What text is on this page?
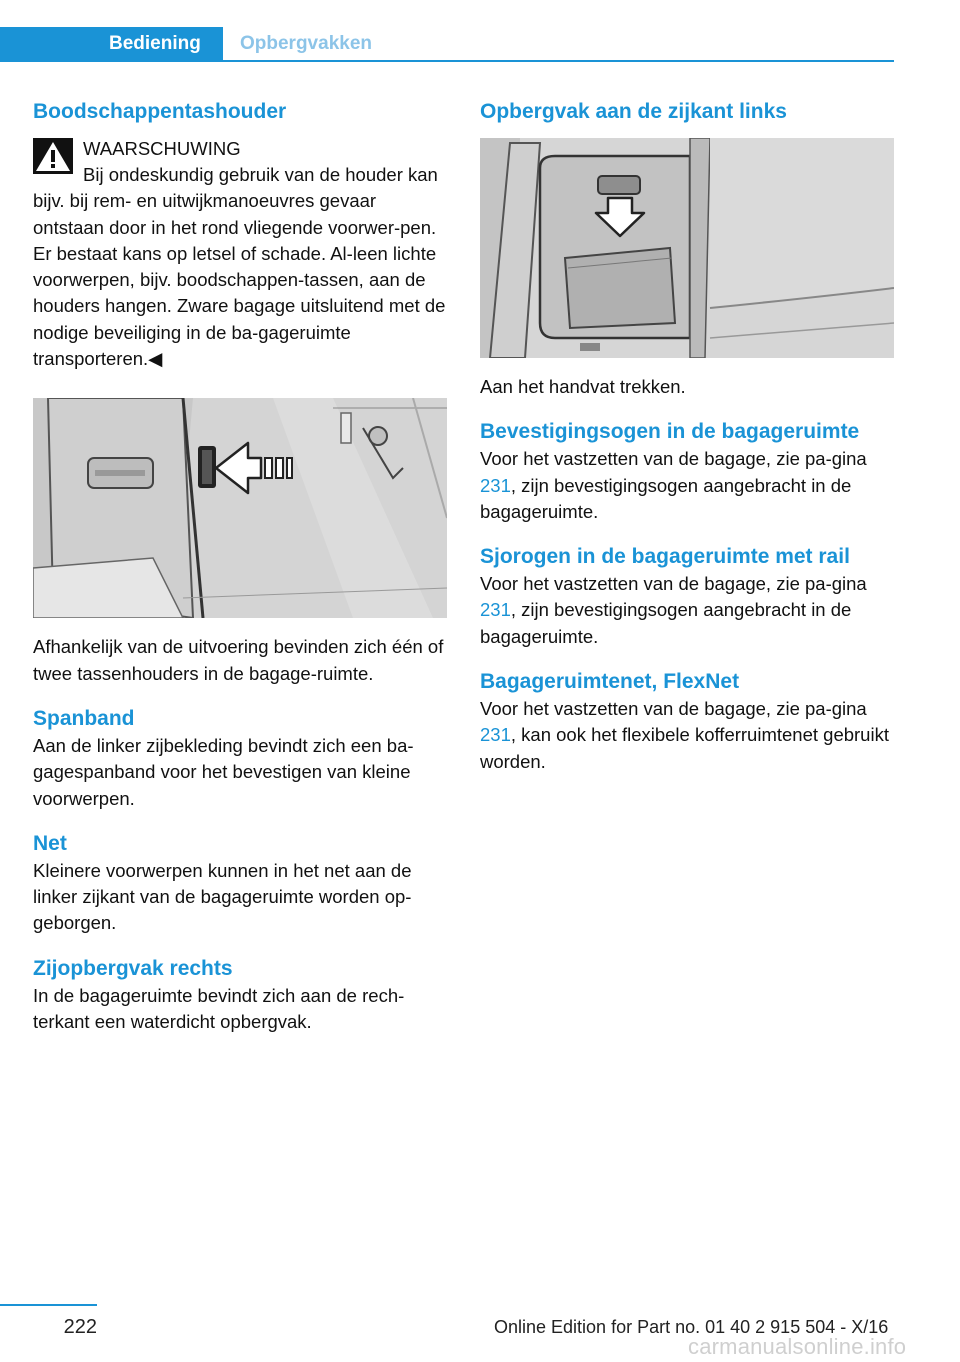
Bediening	Opbergvakken
Boodschappentashouder
WAARSCHUWING

Bij ondeskundig gebruik van de houder kan bijv. bij rem- en uitwijkmanoeuvres gevaar ontstaan door in het rond vliegende voorwer-pen. Er bestaat kans op letsel of schade. Al-leen lichte voorwerpen, bijv. boodschappen-tassen, aan de houders hangen. Zware bagage uitsluitend met de nodige beveiliging in de ba-gageruimte transporteren.◀

Afhankelijk van de uitvoering bevinden zich één of twee tassenhouders in de bagage-ruimte.

Spanband

Aan de linker zijbekleding bevindt zich een ba-gagespanband voor het bevestigen van kleine voorwerpen.

Net

Kleinere voorwerpen kunnen in het net aan de linker zijkant van de bagageruimte worden op-geborgen.

Zijopbergvak rechts

In de bagageruimte bevindt zich aan de rech-terkant een waterdicht opbergvak.

Opbergvak aan de zijkant links

Aan het handvat trekken.

Bevestigingsogen in de bagageruimte

Voor het vastzetten van de bagage, zie pa-gina 231, zijn bevestigingsogen aangebracht in de bagageruimte.

Sjorogen in de bagageruimte met rail

Voor het vastzetten van de bagage, zie pa-gina 231, zijn bevestigingsogen aangebracht in de bagageruimte.

Bagageruimtenet, FlexNet

Voor het vastzetten van de bagage, zie pa-gina 231, kan ook het flexibele kofferruimtenet gebruikt worden.

222	Online Edition for Part no. 01 40 2 915 504 - X/16
carmanualsonline.info
